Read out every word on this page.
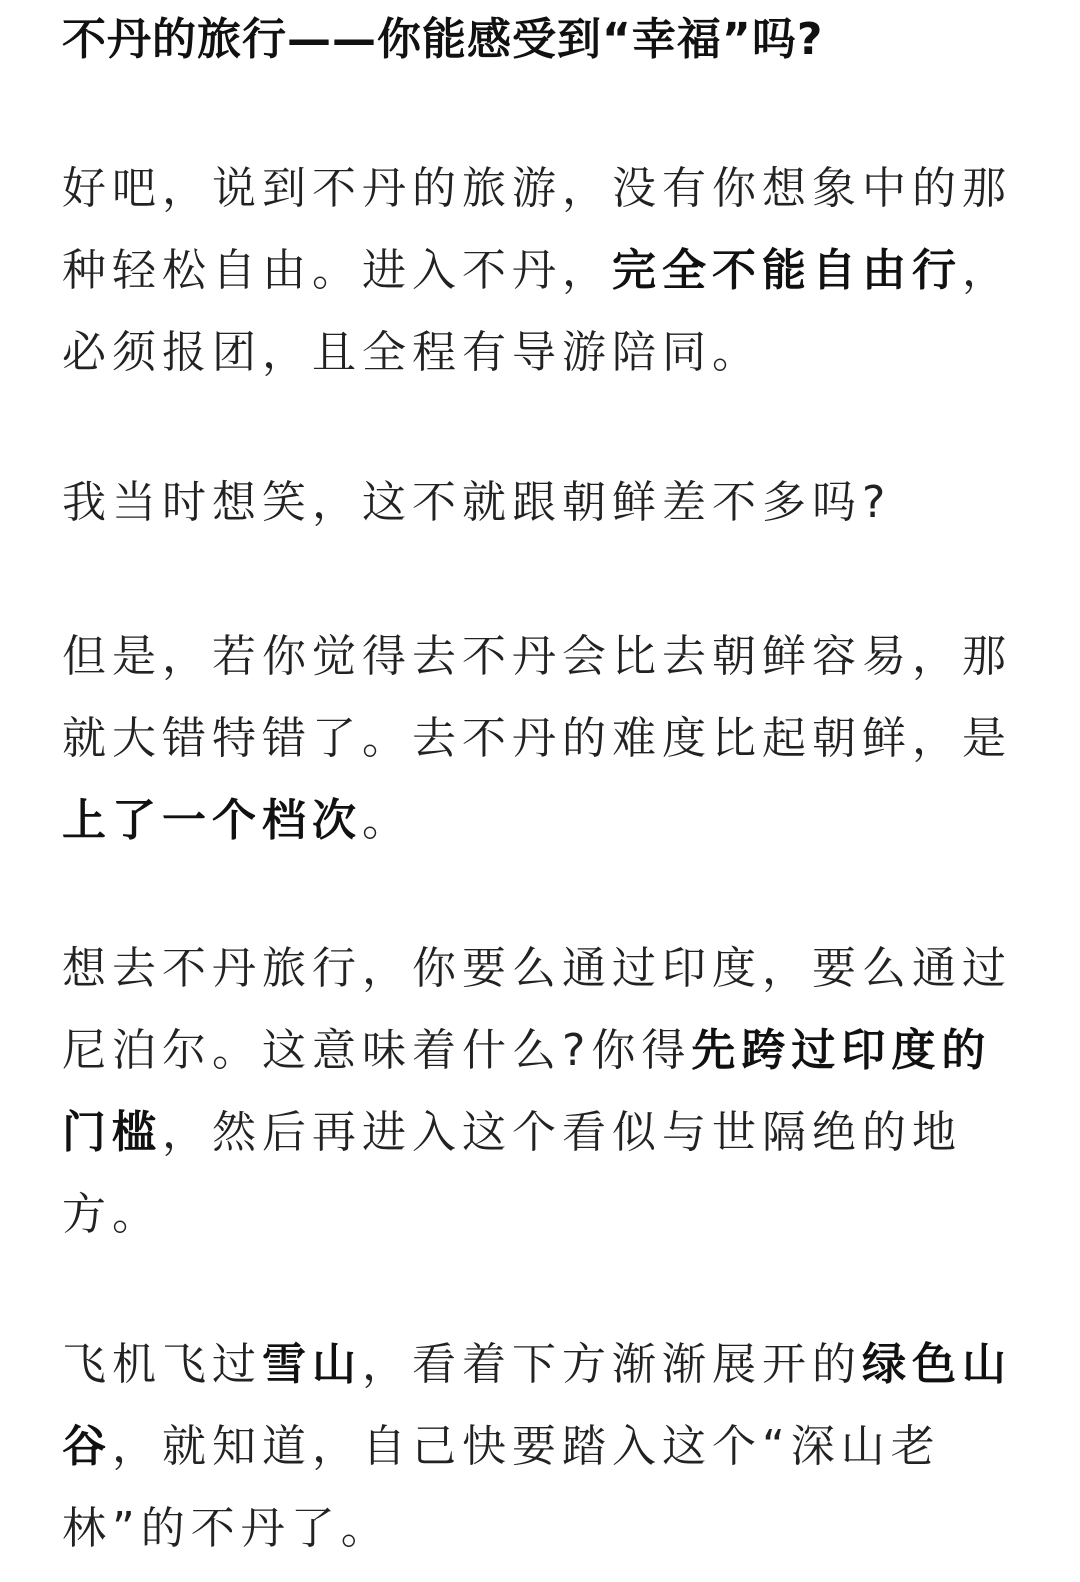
不丹的旅行——你能感受到“幸福”吗?

好吧，说到不丹的旅游，没有你想象中的那种轻松自由。进入不丹，完全不能自由行，必须报团，且全程有导游陪同。

我当时想笑，这不就跟朝鲜差不多吗?

但是，若你觉得去不丹会比去朝鲜容易，那就大错特错了。去不丹的难度比起朝鲜，是上了一个档次。

想去不丹旅行，你要么通过印度，要么通过尼泊尔。这意味着什么?你得先跨过印度的门槛，然后再进入这个看似与世隔绝的地方。

飞机飞过雪山，看着下方渐渐展开的绿色山谷，就知道，自己快要踏入这个“深山老林”的不丹了。
